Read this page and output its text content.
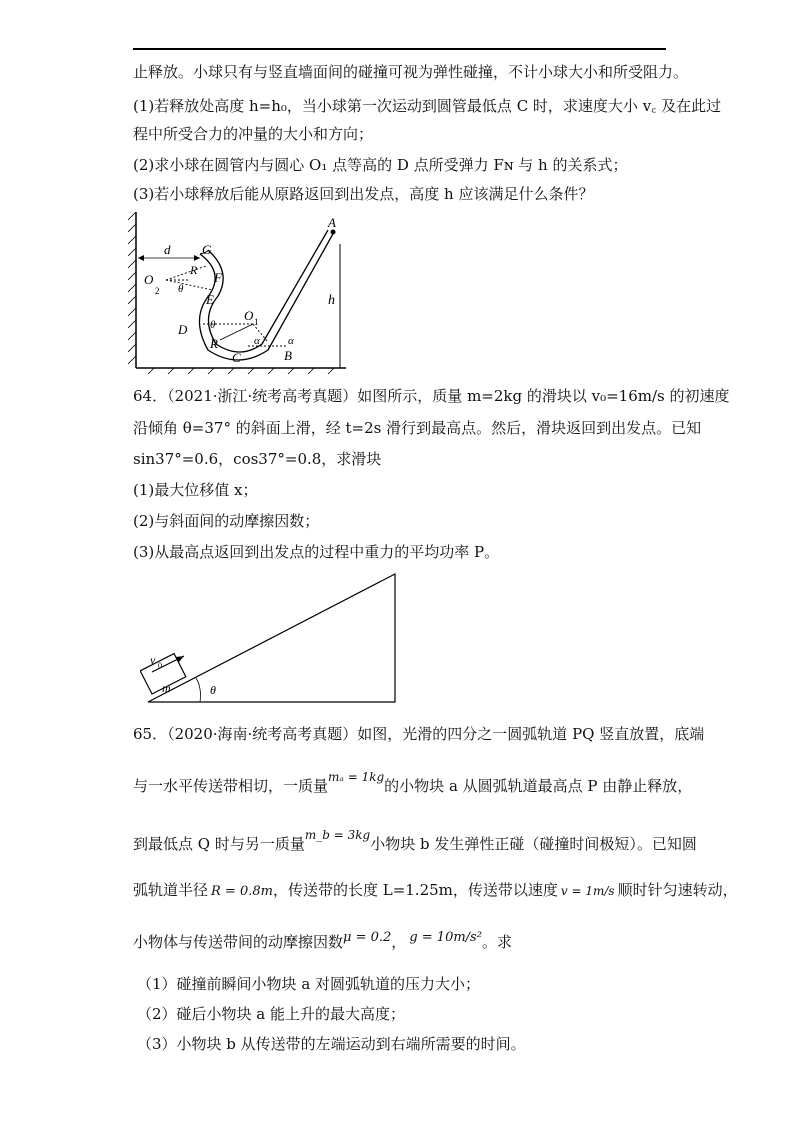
止释放。小球只有与竖直墙面间的碰撞可视为弹性碰撞，不计小球大小和所受阻力。
(1)若释放处高度 h=h₀，当小球第一次运动到圆管最低点 C 时，求速度大小 v꜀ 及在此过
程中所受合力的冲量的大小和方向；
(2)求小球在圆管内与圆心 O₁ 点等高的 D 点所受弹力 Fɴ 与 h 的关系式；
(3)若小球释放后能从原路返回到出发点，高度 h 应该满足什么条件？
A
G
d
R F
O
2 θ
E
D θ
O 1
R
C	B
α	α
h
64．（2021·浙江·统考高考真题）如图所示，质量 m=2kg 的滑块以 v₀=16m/s 的初速度
沿倾角 θ=37° 的斜面上滑，经 t=2s 滑行到最高点。然后，滑块返回到出发点。已知
sin37°=0.6，cos37°=0.8，求滑块
(1)最大位移值 x；
(2)与斜面间的动摩擦因数；
(3)从最高点返回到出发点的过程中重力的平均功率 P。
v 0
m	θ
65．（2020·海南·统考高考真题）如图，光滑的四分之一圆弧轨道 PQ 竖直放置，底端
与一水平传送带相切，一质量$^{m_a = 1kg}$的小物块 a 从圆弧轨道最高点 P 由静止释放，
到最低点 Q 时与另一质量$^{m\_b = 3kg}$小物块 b 发生弹性正碰（碰撞时间极短）。已知圆
弧轨道半径  R = 0.8m，传送带的长度 L=1.25m，传送带以速度  v = 1m/s  顺时针匀速转动，
小物体与传送带间的动摩擦因数μ = 0.2，  g = 10m/s²。求
（1）碰撞前瞬间小物块 a 对圆弧轨道的压力大小；
（2）碰后小物块 a 能上升的最大高度；
（3）小物块 b 从传送带的左端运动到右端所需要的时间。
